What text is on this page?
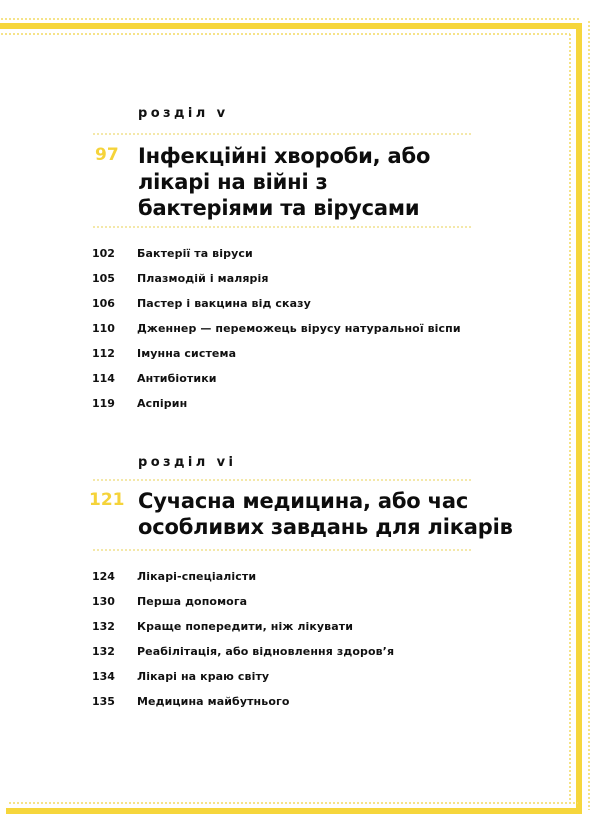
розділ v
97 Інфекційні хвороби, або лікарі на війні з бактеріями та вірусами
102	Бактерії та віруси
105	Плазмодій і малярія
106	Пастер і вакцина від сказу
110	Дженнер — переможець вірусу натуральної віспи
112	Імунна система
114	Антибіотики
119	Аспірин
розділ vi
121 Сучасна медицина, або час особливих завдань для лікарів
124	Лікарі-спеціалісти
130	Перша допомога
132	Краще попередити, ніж лікувати
132	Реабілітація, або відновлення здоров’я
134	Лікарі на краю світу
135	Медицина майбутнього
